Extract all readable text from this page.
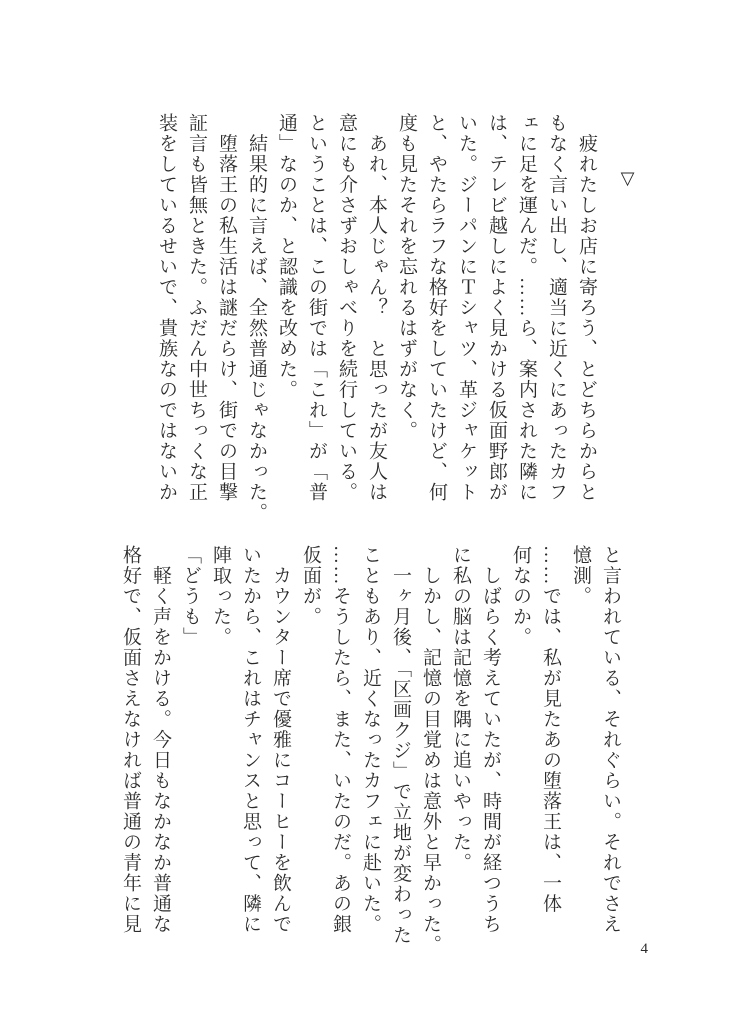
▽
　疲れたしお店に寄ろう、とどちらからと
もなく言い出し、適当に近くにあったカフ
ェに足を運んだ。……ら、案内された隣に
は、テレビ越しによく見かける仮面野郎が
いた。ジーパンにＴシャツ、革ジャケット
と、やたらラフな格好をしていたけど、何
度も見たそれを忘れるはずがなく。
　あれ、本人じゃん？　と思ったが友人は
意にも介さずおしゃべりを続行している。
ということは、この街では「これ」が「普
通」なのか、と認識を改めた。
　結果的に言えば、全然普通じゃなかった。
　堕落王の私生活は謎だらけ、街での目撃
証言も皆無ときた。ふだん中世ちっくな正
装をしているせいで、貴族なのではないか
と言われている、それぐらい。それでさえ
憶測。
……では、私が見たあの堕落王は、一体
何なのか。
　しばらく考えていたが、時間が経つうち
に私の脳は記憶を隅に追いやった。
　しかし、記憶の目覚めは意外と早かった。
　一ヶ月後、「区画クジ」で立地が変わった
こともあり、近くなったカフェに赴いた。
……そうしたら、また、いたのだ。あの銀
仮面が。
　カウンター席で優雅にコーヒーを飲んで
いたから、これはチャンスと思って、隣に
陣取った。
「どうも」
　軽く声をかける。今日もなかなか普通な
格好で、仮面さえなければ普通の青年に見
4
